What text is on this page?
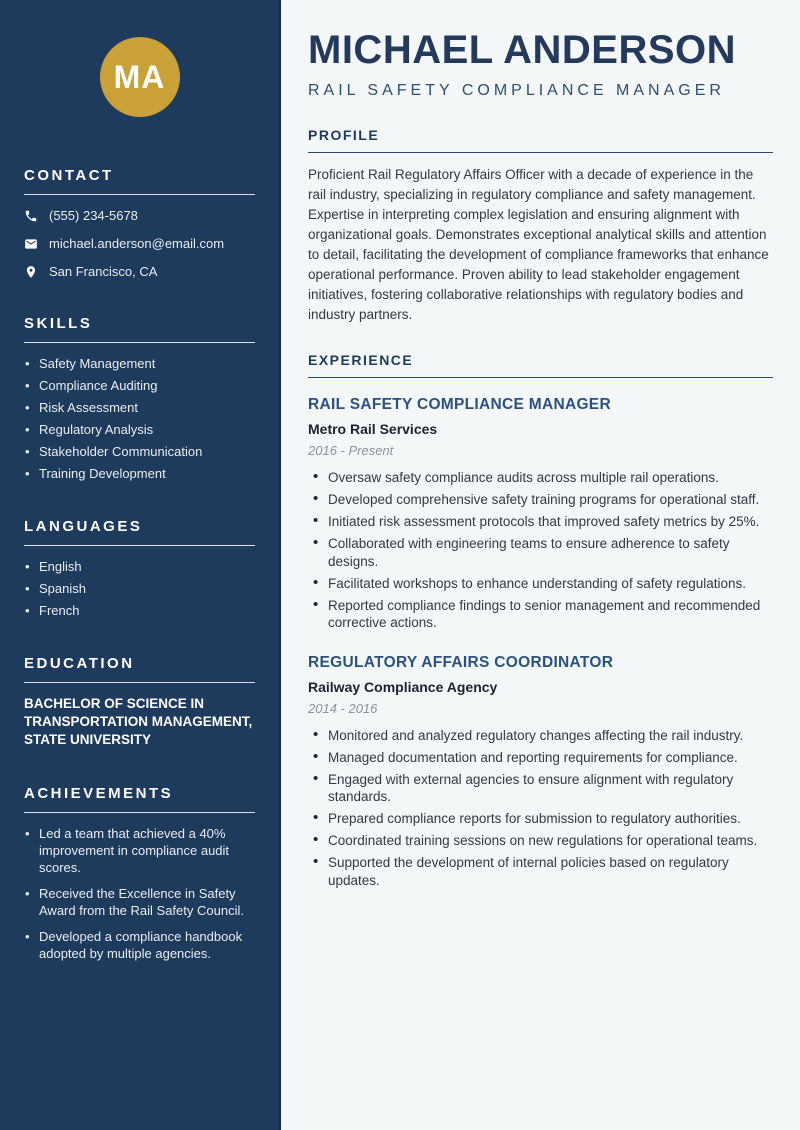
MA
CONTACT
(555) 234-5678
michael.anderson@email.com
San Francisco, CA
SKILLS
• Safety Management
• Compliance Auditing
• Risk Assessment
• Regulatory Analysis
• Stakeholder Communication
• Training Development
LANGUAGES
• English
• Spanish
• French
EDUCATION
BACHELOR OF SCIENCE IN TRANSPORTATION MANAGEMENT, STATE UNIVERSITY
ACHIEVEMENTS
• Led a team that achieved a 40% improvement in compliance audit scores.
• Received the Excellence in Safety Award from the Rail Safety Council.
• Developed a compliance handbook adopted by multiple agencies.
MICHAEL ANDERSON
RAIL SAFETY COMPLIANCE MANAGER
PROFILE

Proficient Rail Regulatory Affairs Officer with a decade of experience in the rail industry, specializing in regulatory compliance and safety management. Expertise in interpreting complex legislation and ensuring alignment with organizational goals. Demonstrates exceptional analytical skills and attention to detail, facilitating the development of compliance frameworks that enhance operational performance. Proven ability to lead stakeholder engagement initiatives, fostering collaborative relationships with regulatory bodies and industry partners.

EXPERIENCE
RAIL SAFETY COMPLIANCE MANAGER
Metro Rail Services
2016 - Present
• Oversaw safety compliance audits across multiple rail operations.
• Developed comprehensive safety training programs for operational staff.
• Initiated risk assessment protocols that improved safety metrics by 25%.
• Collaborated with engineering teams to ensure adherence to safety designs.
• Facilitated workshops to enhance understanding of safety regulations.
• Reported compliance findings to senior management and recommended corrective actions.
REGULATORY AFFAIRS COORDINATOR
Railway Compliance Agency
2014 - 2016
• Monitored and analyzed regulatory changes affecting the rail industry.
• Managed documentation and reporting requirements for compliance.
• Engaged with external agencies to ensure alignment with regulatory standards.
• Prepared compliance reports for submission to regulatory authorities.
• Coordinated training sessions on new regulations for operational teams.
• Supported the development of internal policies based on regulatory updates.
